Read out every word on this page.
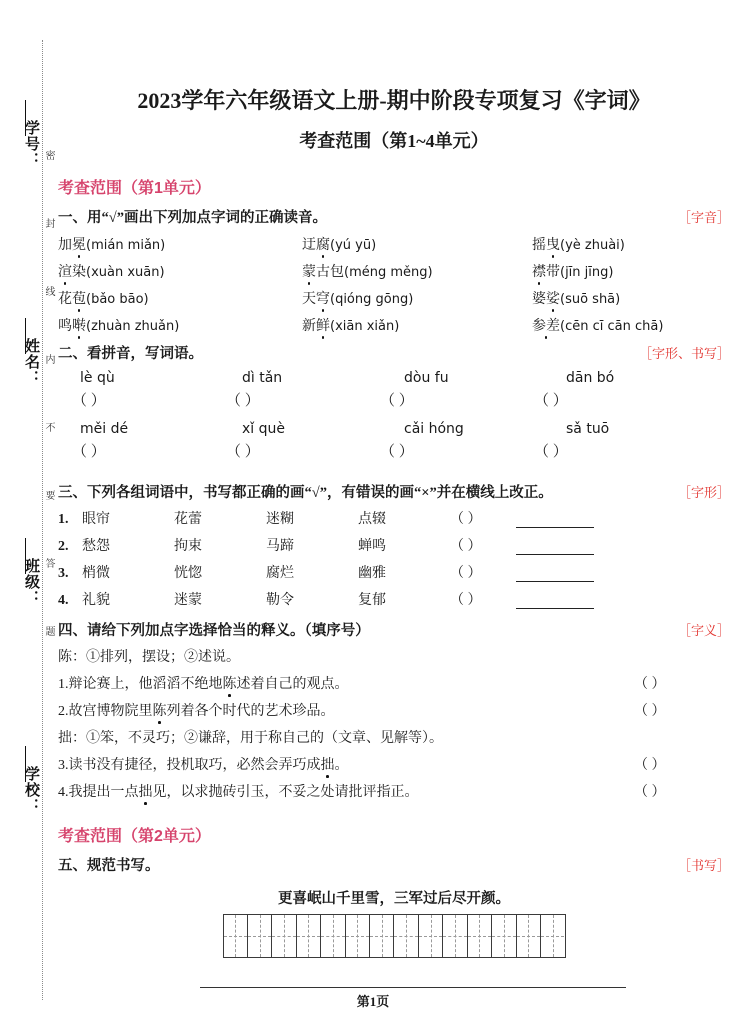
密封线内不要答题
学号：
姓名：
班级：
学校：
2023学年六年级语文上册-期中阶段专项复习《字词》
考查范围（第1~4单元）
考查范围（第1单元）
一、用“√”画出下列加点字词的正确读音。	［字音］
加冕(mián miǎn)	迂腐(yú yū)	摇曳(yè zhuài)
渲染(xuàn xuān)	蒙古包(méng měng)	襟带(jīn jīng)
花苞(bǎo bāo)	天穹(qióng gōng)	婆娑(suō shā)
鸣啭(zhuàn zhuǎn)	新鲜(xiān xiǎn)	参差(cēn cī cān chā)
二、看拼音，写词语。	［字形、书写］
lè qù	dì tǎn	dòu fu	dān bó
（ ）	（ ）	（ ）	（ ）
měi dé	xǐ què	cǎi hóng	sǎ tuō
（ ）	（ ）	（ ）	（ ）
三、下列各组词语中，书写都正确的画“√”，有错误的画“×”并在横线上改正。	［字形］
1. 眼帘	花蕾	迷糊	点辍	（ ）
2. 愁怨	拘束	马蹄	蝉鸣	（ ）
3. 梢微	恍惚	腐烂	幽雅	（ ）
4. 礼貌	迷蒙	勒令	复郁	（ ）
四、请给下列加点字选择恰当的释义。（填序号）	［字义］
陈：①排列，摆设；②述说。
1.辩论赛上，他滔滔不绝地陈述着自己的观点。	（ ）
2.故宫博物院里陈列着各个时代的艺术珍品。	（ ）
拙：①笨，不灵巧；②谦辞，用于称自己的（文章、见解等）。
3.读书没有捷径，投机取巧，必然会弄巧成拙。	（ ）
4.我提出一点拙见，以求抛砖引玉，不妥之处请批评指正。	（ ）
考查范围（第2单元）
五、规范书写。	［书写］
更喜岷山千里雪，三军过后尽开颜。
第1页
